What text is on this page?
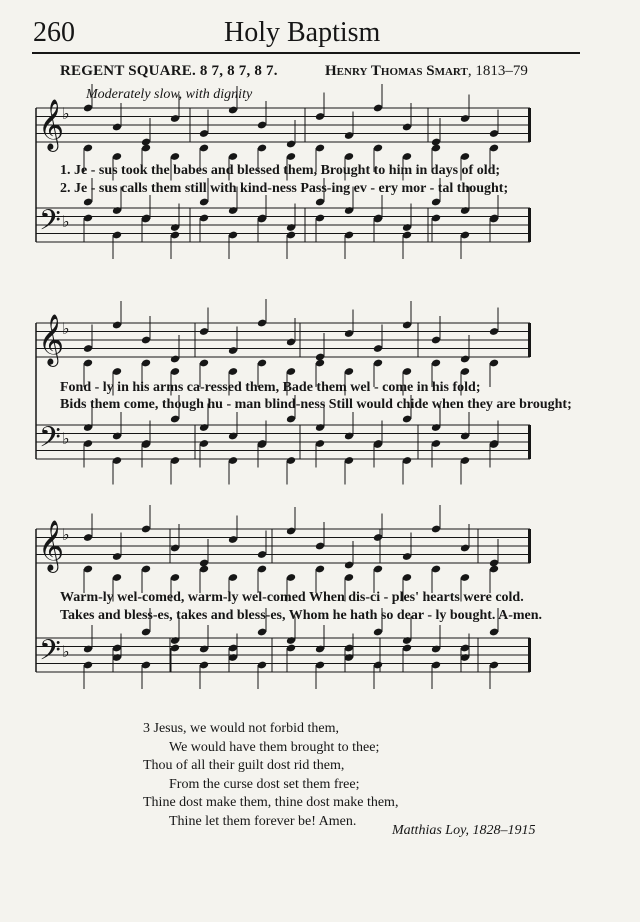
260	Holy Baptism
REGENT SQUARE. 8 7, 8 7, 8 7.	Henry Thomas Smart, 1813–79
Moderately slow, with dignity
𝄞
♭
𝄢 ♭
𝄞
♭
𝄢 ♭
𝄞
♭
𝄢 ♭
1. Je - sus took the babes and blessed them, Brought to him in days of old;
2. Je - sus calls them still with kind-ness Pass-ing ev - ery mor - tal thought;
Fond - ly in his arms ca-ressed them, Bade them wel - come in his fold;
Bids them come, though hu - man blind-ness Still would chide when they are brought;
Warm-ly wel-comed, warm-ly wel-comed When dis-ci - ples' hearts were cold.
Takes and bless-es, takes and bless-es, Whom he hath so dear - ly bought. A-men.
3 Jesus, we would not forbid them,
We would have them brought to thee;
Thou of all their guilt dost rid them,
From the curse dost set them free;
Thine dost make them, thine dost make them,
Thine let them forever be! Amen.
Matthias Loy, 1828–1915
